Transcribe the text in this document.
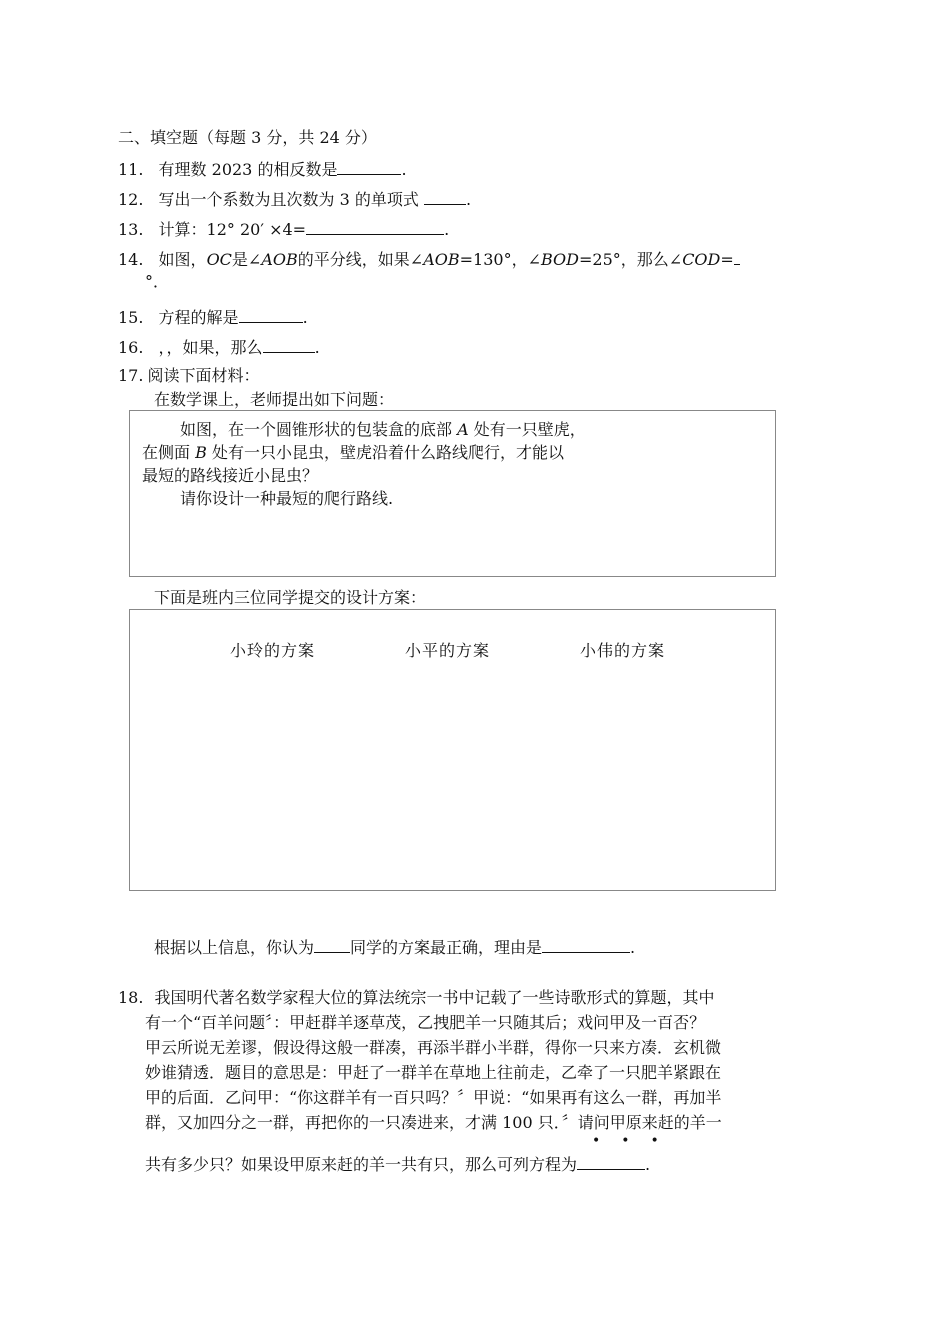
二、填空题（每题 3 分，共 24 分）
11. 有理数 2023 的相反数是	.
12. 写出一个系数为且次数为 3 的单项式	.
13. 计算：12° 20′ ×4=	.
14. 如图，OC是∠AOB的平分线，如果∠AOB=130°，∠BOD=25°，那么∠COD=
°．
15. 方程的解是	.
16. ，，如果，那么	.
17. 阅读下面材料：
在数学课上，老师提出如下问题：
如图，在一个圆锥形状的包装盒的底部 A 处有一只壁虎，
在侧面 B 处有一只小昆虫，壁虎沿着什么路线爬行，才能以
最短的路线接近小昆虫？
请你设计一种最短的爬行路线.
下面是班内三位同学提交的设计方案：
小玲的方案	小平的方案	小伟的方案
根据以上信息，你认为 同学的方案最正确，理由是	.
18. 我国明代著名数学家程大位的算法统宗一书中记载了一些诗歌形式的算题，其中
有一个“百羊问题〞：甲赶群羊逐草茂，乙拽肥羊一只随其后；戏问甲及一百否？
甲云所说无差谬，假设得这般一群凑，再添半群小半群，得你一只来方凑．玄机微
妙谁猜透．题目的意思是：甲赶了一群羊在草地上往前走，乙牵了一只肥羊紧跟在
甲的后面．乙问甲：“你这群羊有一百只吗？〞甲说：“如果再有这么一群，再加半
群，又加四分之一群，再把你的一只凑进来，才满 100 只．〞请问甲原来赶的羊一
•••
共有多少只？如果设甲原来赶的羊一共有只，那么可列方程为	.
